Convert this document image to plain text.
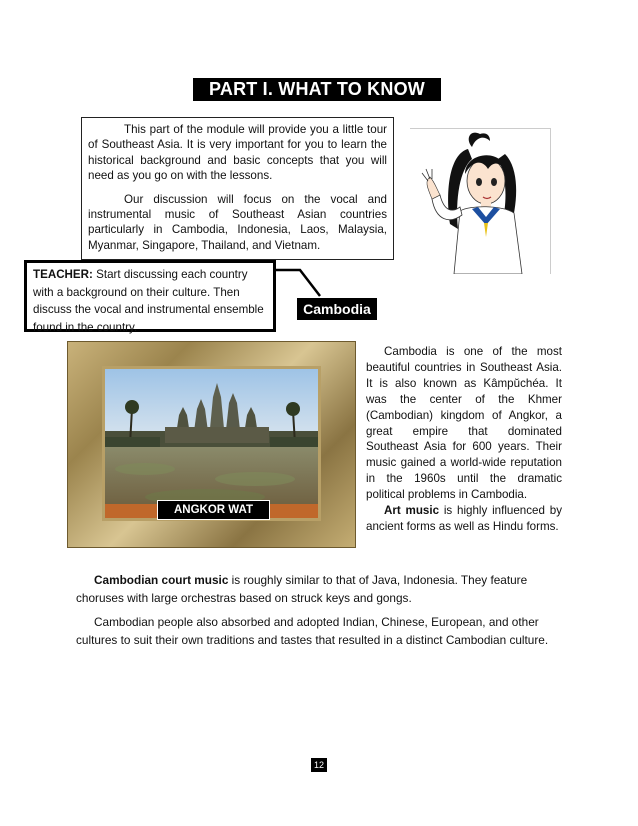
PART I. WHAT TO KNOW

This part of the module will provide you a little tour of Southeast Asia. It is very important for you to learn the historical background and basic concepts that you will need as you go on with the lessons.

Our discussion will focus on the vocal and instrumental music of Southeast Asian countries particularly in Cambodia, Indonesia, Laos, Malaysia, Myanmar, Singapore, Thailand, and Vietnam.

TEACHER: Start discussing each country with a background on their culture. Then discuss the vocal and instrumental ensemble found in the country.
Cambodia
ANGKOR WAT

Cambodia is one of the most beautiful countries in Southeast Asia. It is also known as Kâmpŭchéa. It was the center of the Khmer (Cambodian) kingdom of Angkor, a great empire that dominated Southeast Asia for 600 years. Their music gained a world-wide reputation in the 1960s until the dramatic political problems in Cambodia.

Art music is highly influenced by ancient forms as well as Hindu forms.

Cambodian court music is roughly similar to that of Java, Indonesia. They feature choruses with large orchestras based on struck keys and gongs.
Cambodian people also absorbed and adopted Indian, Chinese, European, and other cultures to suit their own traditions and tastes that resulted in a distinct Cambodian culture.
12
